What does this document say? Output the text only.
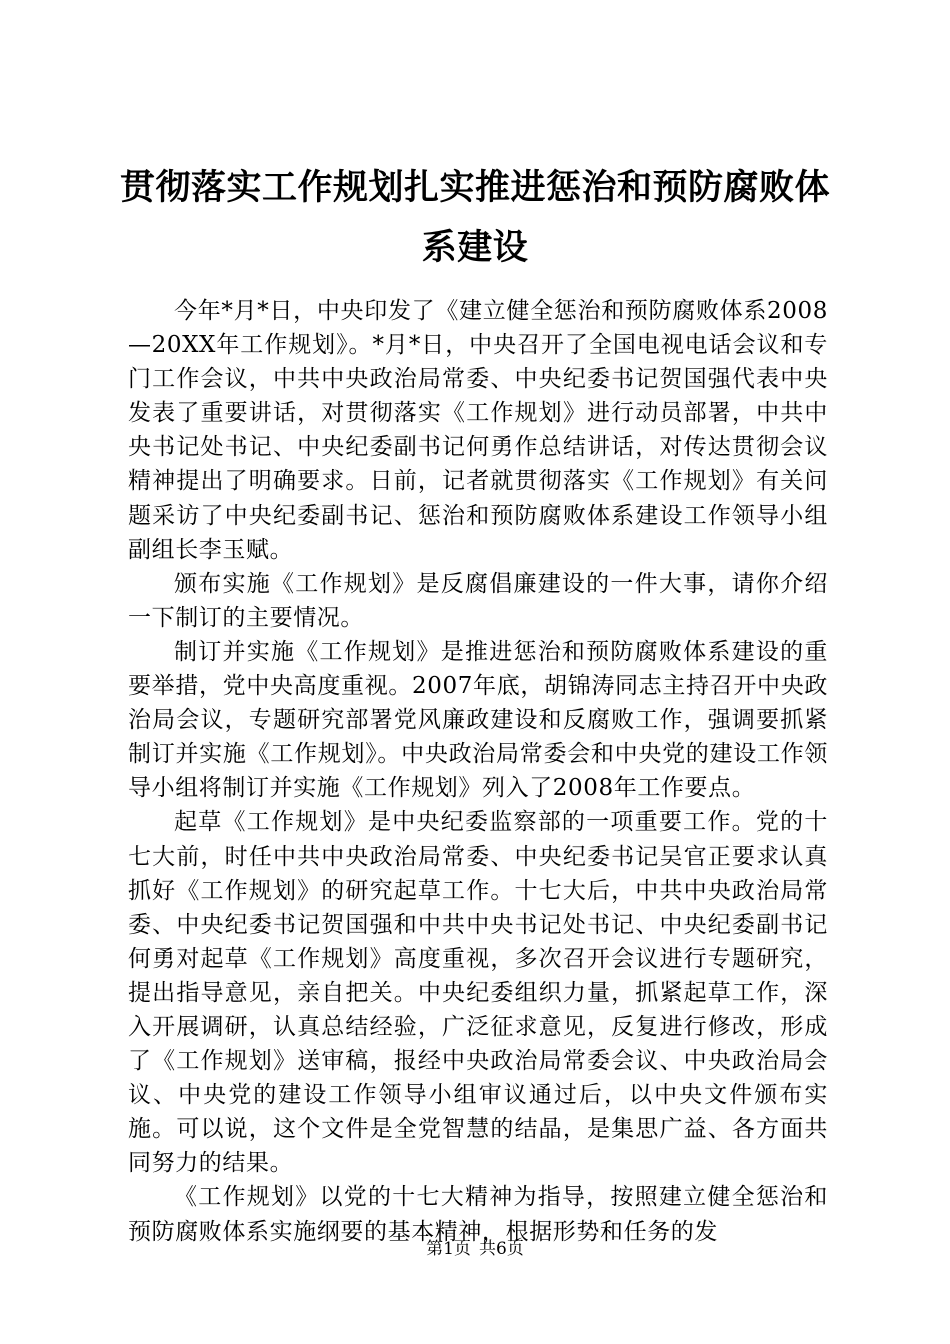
贯彻落实工作规划扎实推进惩治和预防腐败体系建设

今年*月*日，中央印发了《建立健全惩治和预防腐败体系2008—20XX年工作规划》。*月*日，中央召开了全国电视电话会议和专门工作会议，中共中央政治局常委、中央纪委书记贺国强代表中央发表了重要讲话，对贯彻落实《工作规划》进行动员部署，中共中央书记处书记、中央纪委副书记何勇作总结讲话，对传达贯彻会议精神提出了明确要求。日前，记者就贯彻落实《工作规划》有关问题采访了中央纪委副书记、惩治和预防腐败体系建设工作领导小组副组长李玉赋。

颁布实施《工作规划》是反腐倡廉建设的一件大事，请你介绍一下制订的主要情况。

制订并实施《工作规划》是推进惩治和预防腐败体系建设的重要举措，党中央高度重视。2007年底，胡锦涛同志主持召开中央政治局会议，专题研究部署党风廉政建设和反腐败工作，强调要抓紧制订并实施《工作规划》。中央政治局常委会和中央党的建设工作领导小组将制订并实施《工作规划》列入了2008年工作要点。

起草《工作规划》是中央纪委监察部的一项重要工作。党的十七大前，时任中共中央政治局常委、中央纪委书记吴官正要求认真抓好《工作规划》的研究起草工作。十七大后，中共中央政治局常委、中央纪委书记贺国强和中共中央书记处书记、中央纪委副书记何勇对起草《工作规划》高度重视，多次召开会议进行专题研究，提出指导意见，亲自把关。中央纪委组织力量，抓紧起草工作，深入开展调研，认真总结经验，广泛征求意见，反复进行修改，形成了《工作规划》送审稿，报经中央政治局常委会议、中央政治局会议、中央党的建设工作领导小组审议通过后，以中央文件颁布实施。可以说，这个文件是全党智慧的结晶，是集思广益、各方面共同努力的结果。

《工作规划》以党的十七大精神为指导，按照建立健全惩治和预防腐败体系实施纲要的基本精神，根据形势和任务的发

第1页 共6页
